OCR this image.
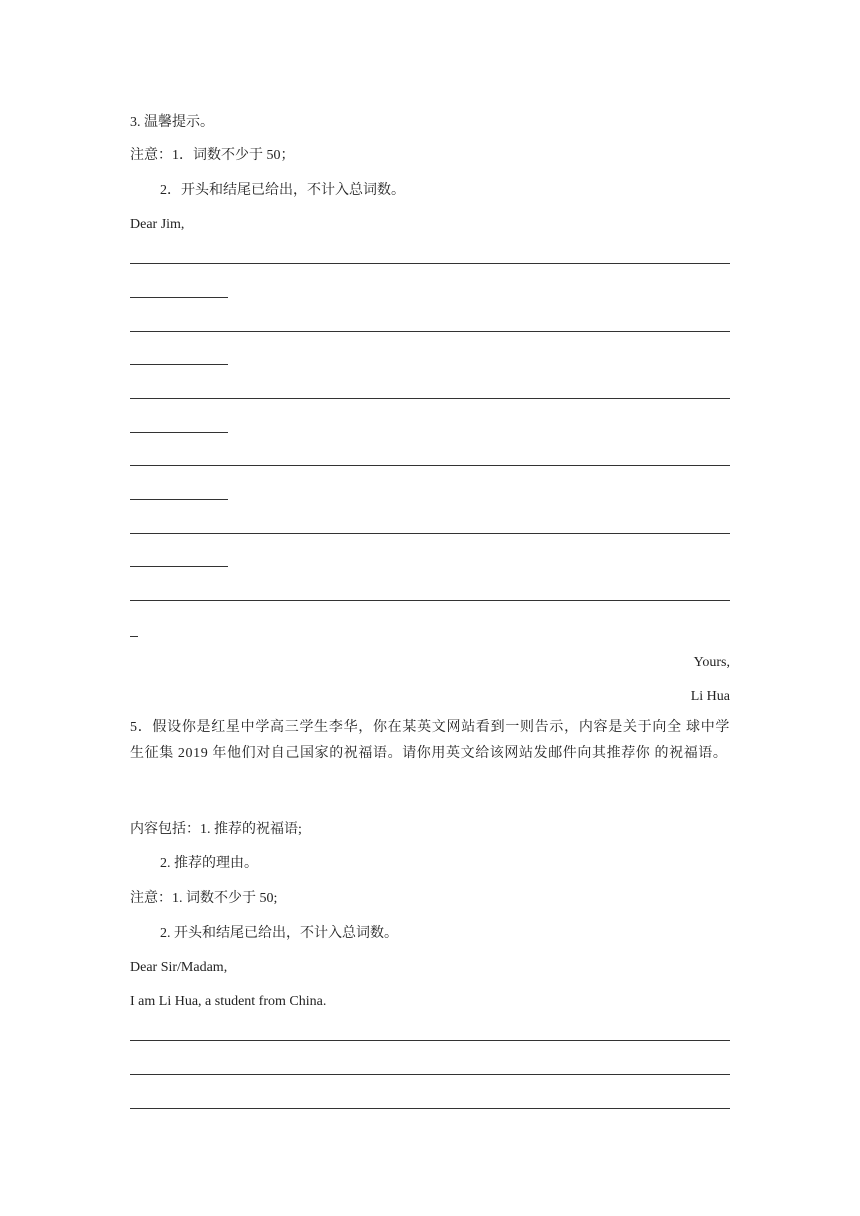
3. 温馨提示。

注意：1．词数不少于 50；

2．开头和结尾已给出，不计入总词数。

Dear Jim,

Yours,

Li Hua

5．假设你是红星中学高三学生李华，你在某英文网站看到一则告示，内容是关于向全 球中学生征集 2019 年他们对自己国家的祝福语。请你用英文给该网站发邮件向其推荐你 的祝福语。

内容包括：1. 推荐的祝福语;

2. 推荐的理由。

注意：1. 词数不少于 50;

2. 开头和结尾已给出，不计入总词数。

Dear Sir/Madam,

I am Li Hua, a student from China.
